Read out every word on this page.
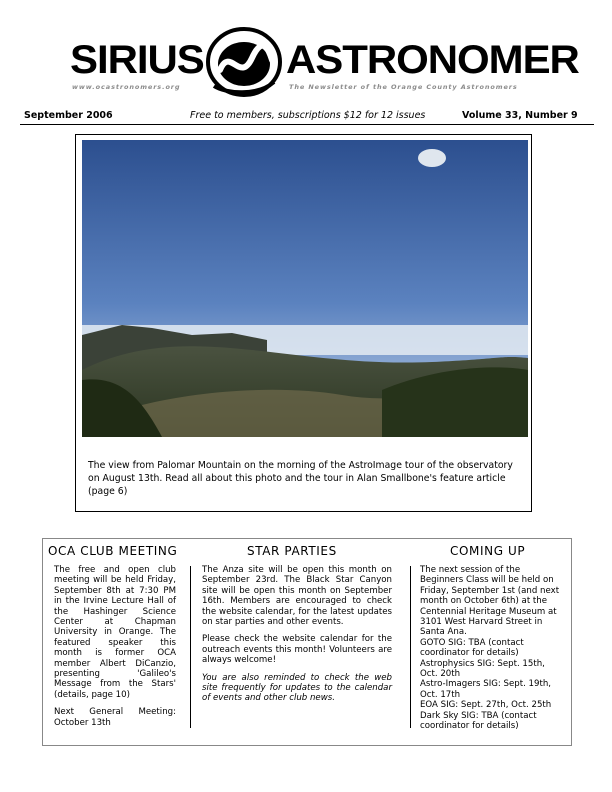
SIRIUS ASTRONOMER
www.ocastronomers.org	The Newsletter of the Orange County Astronomers
September 2006	Free to members, subscriptions $12 for 12 issues	Volume 33, Number 9
The view from Palomar Mountain on the morning of the AstroImage tour of the observatory on August 13th. Read all about this photo and the tour in Alan Smallbone's feature article (page 6)
OCA CLUB MEETING

The free and open club meeting will be held Friday, September 8th at 7:30 PM in the Irvine Lecture Hall of the Hashinger Science Center at Chapman University in Orange. The featured speaker this month is former OCA member Albert DiCanzio, presenting 'Galileo's Message from the Stars' (details, page 10)

Next General Meeting: October 13th

STAR PARTIES

The Anza site will be open this month on September 23rd. The Black Star Canyon site will be open this month on September 16th. Members are encouraged to check the website calendar, for the latest updates on star parties and other events.

Please check the website calendar for the outreach events this month! Volunteers are always welcome!

You are also reminded to check the web site frequently for updates to the calendar of events and other club news.

COMING UP
The next session of the Beginners Class will be held on Friday, September 1st (and next month on October 6th) at the Centennial Heritage Museum at 3101 West Harvard Street in Santa Ana.
GOTO SIG: TBA (contact coordinator for details)
Astrophysics SIG: Sept. 15th, Oct. 20th
Astro-Imagers SIG: Sept. 19th, Oct. 17th
EOA SIG: Sept. 27th, Oct. 25th
Dark Sky SIG: TBA (contact coordinator for details)
